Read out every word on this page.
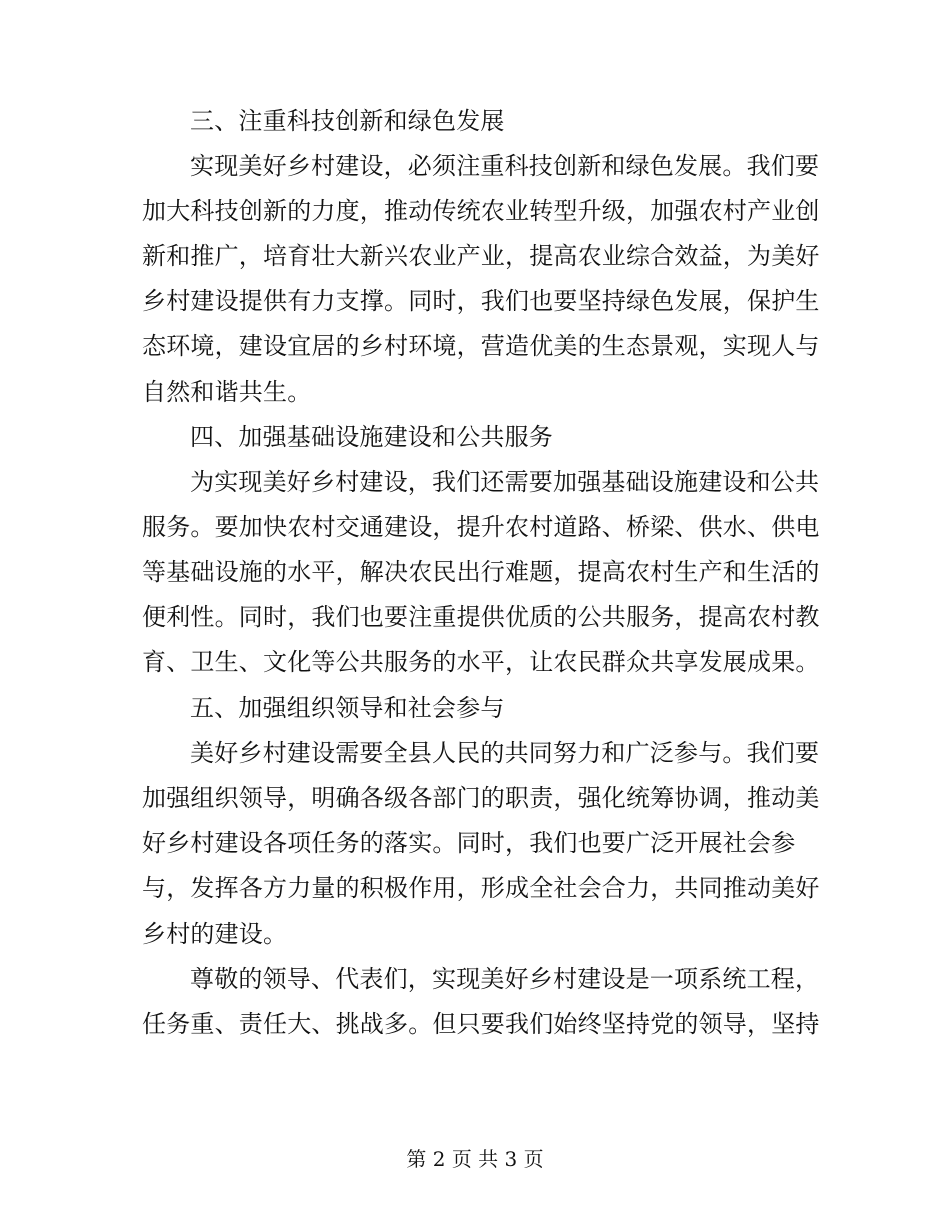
三、注重科技创新和绿色发展
实现美好乡村建设，必须注重科技创新和绿色发展。我们要
加大科技创新的力度，推动传统农业转型升级，加强农村产业创
新和推广，培育壮大新兴农业产业，提高农业综合效益，为美好
乡村建设提供有力支撑。同时，我们也要坚持绿色发展，保护生
态环境，建设宜居的乡村环境，营造优美的生态景观，实现人与
自然和谐共生。
四、加强基础设施建设和公共服务
为实现美好乡村建设，我们还需要加强基础设施建设和公共
服务。要加快农村交通建设，提升农村道路、桥梁、供水、供电
等基础设施的水平，解决农民出行难题，提高农村生产和生活的
便利性。同时，我们也要注重提供优质的公共服务，提高农村教
育、卫生、文化等公共服务的水平，让农民群众共享发展成果。
五、加强组织领导和社会参与
美好乡村建设需要全县人民的共同努力和广泛参与。我们要
加强组织领导，明确各级各部门的职责，强化统筹协调，推动美
好乡村建设各项任务的落实。同时，我们也要广泛开展社会参
与，发挥各方力量的积极作用，形成全社会合力，共同推动美好
乡村的建设。
尊敬的领导、代表们，实现美好乡村建设是一项系统工程，
任务重、责任大、挑战多。但只要我们始终坚持党的领导，坚持
第 2 页 共 3 页
